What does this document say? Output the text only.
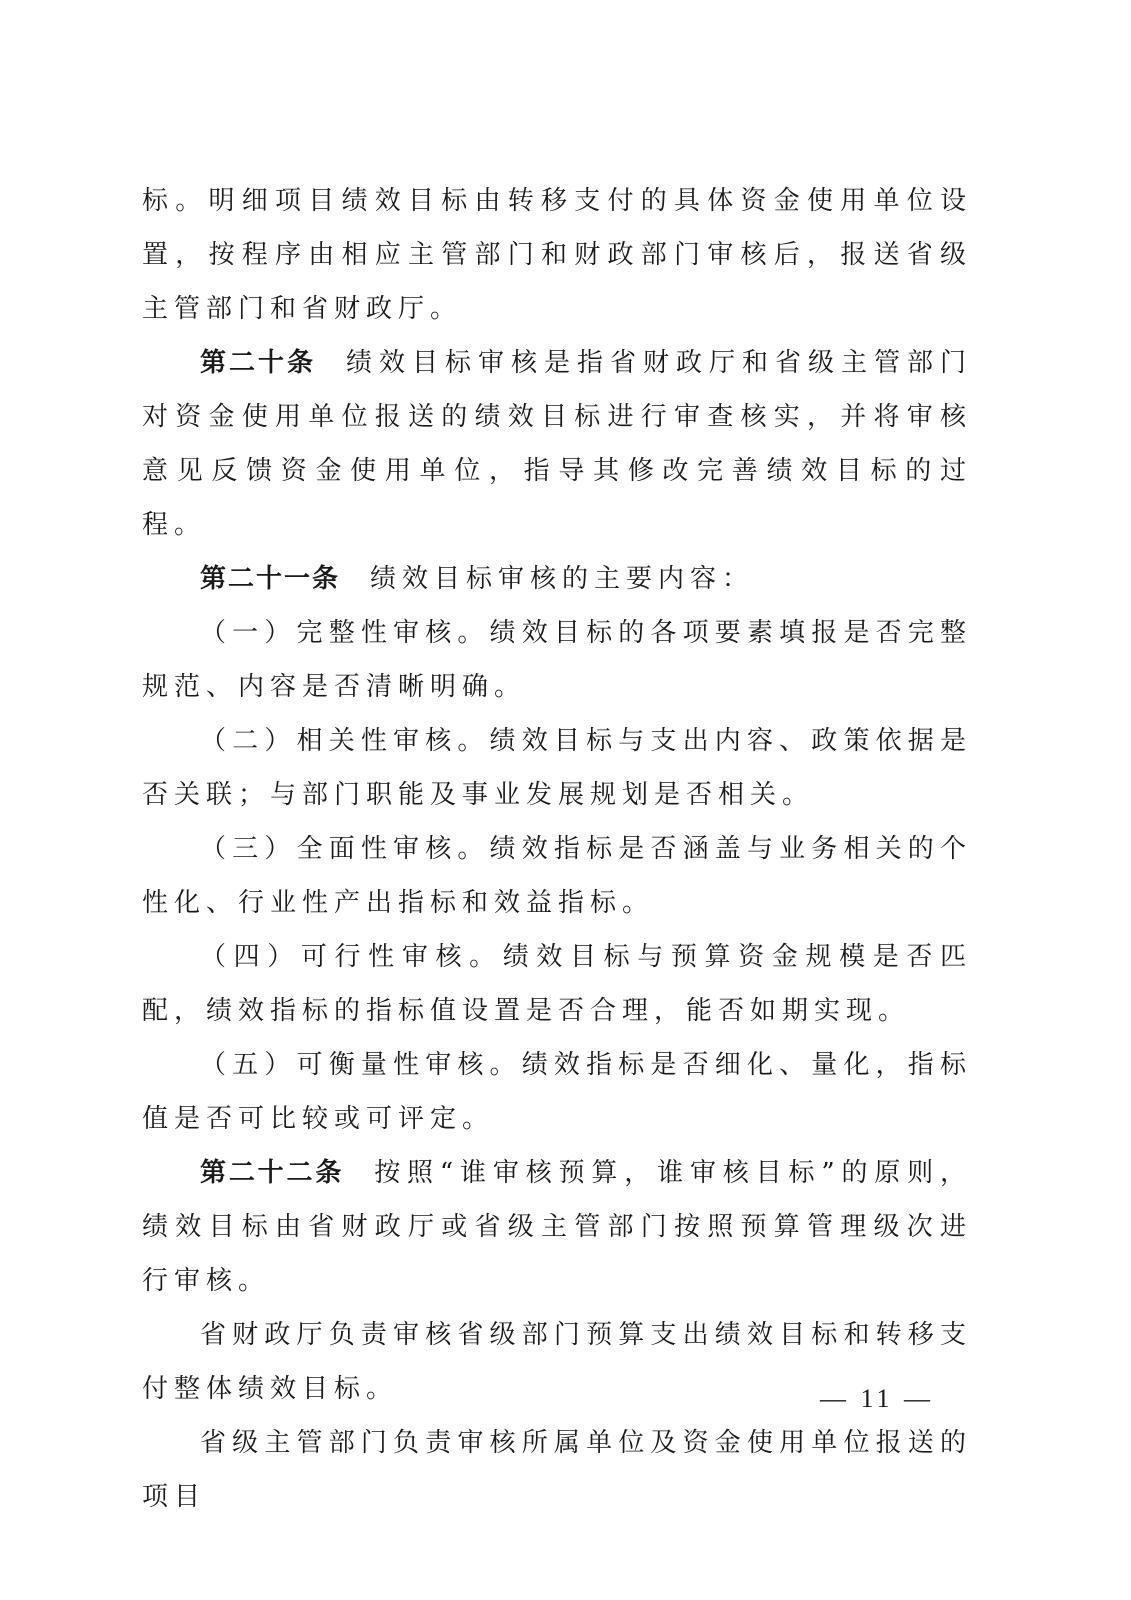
标。明细项目绩效目标由转移支付的具体资金使用单位设置，按程序由相应主管部门和财政部门审核后，报送省级主管部门和省财政厅。

第二十条 绩效目标审核是指省财政厅和省级主管部门对资金使用单位报送的绩效目标进行审查核实，并将审核意见反馈资金使用单位，指导其修改完善绩效目标的过程。

第二十一条 绩效目标审核的主要内容：

（一）完整性审核。绩效目标的各项要素填报是否完整规范、内容是否清晰明确。

（二）相关性审核。绩效目标与支出内容、政策依据是否关联；与部门职能及事业发展规划是否相关。

（三）全面性审核。绩效指标是否涵盖与业务相关的个性化、行业性产出指标和效益指标。

（四）可行性审核。绩效目标与预算资金规模是否匹配，绩效指标的指标值设置是否合理，能否如期实现。

（五）可衡量性审核。绩效指标是否细化、量化，指标值是否可比较或可评定。

第二十二条 按照“谁审核预算，谁审核目标”的原则，绩效目标由省财政厅或省级主管部门按照预算管理级次进行审核。

省财政厅负责审核省级部门预算支出绩效目标和转移支付整体绩效目标。

省级主管部门负责审核所属单位及资金使用单位报送的项目

— 11 —
